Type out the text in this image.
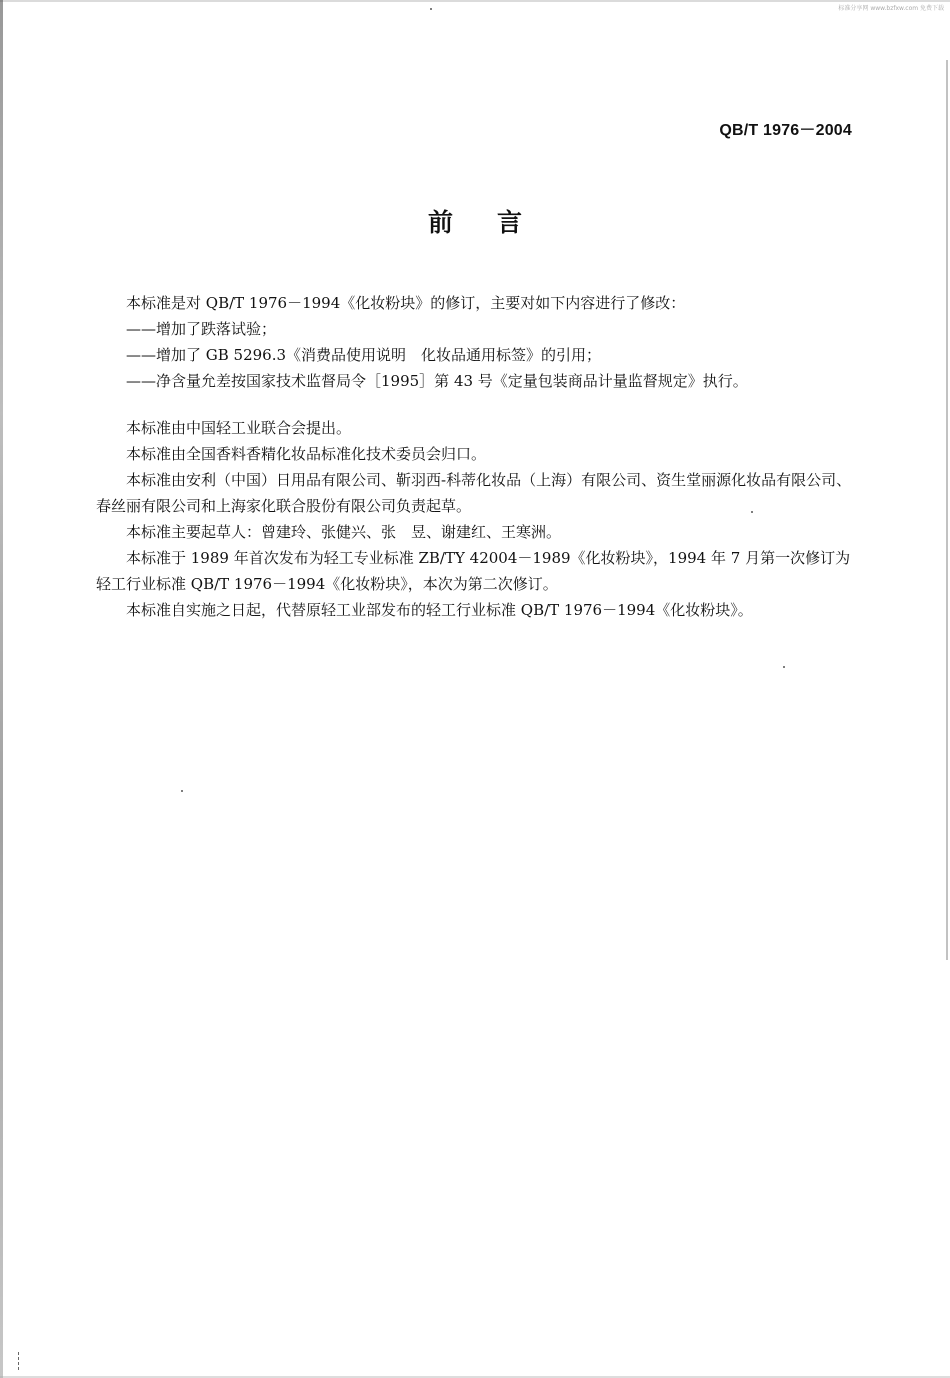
标准分享网 www.bzfxw.com 免费下载
QB/T 1976－2004
前言

本标准是对 QB/T 1976－1994《化妆粉块》的修订，主要对如下内容进行了修改：

——增加了跌落试验；

——增加了 GB 5296.3《消费品使用说明　化妆品通用标签》的引用；

——净含量允差按国家技术监督局令［1995］第 43 号《定量包装商品计量监督规定》执行。

本标准由中国轻工业联合会提出。

本标准由全国香料香精化妆品标准化技术委员会归口。

本标准由安利（中国）日用品有限公司、靳羽西-科蒂化妆品（上海）有限公司、资生堂丽源化妆品有限公司、春丝丽有限公司和上海家化联合股份有限公司负责起草。

本标准主要起草人：曾建玲、张健兴、张　昱、谢建红、王寒洲。

本标准于 1989 年首次发布为轻工专业标准 ZB/TY 42004－1989《化妆粉块》，1994 年 7 月第一次修订为轻工行业标准 QB/T 1976－1994《化妆粉块》，本次为第二次修订。

本标准自实施之日起，代替原轻工业部发布的轻工行业标准 QB/T 1976－1994《化妆粉块》。
